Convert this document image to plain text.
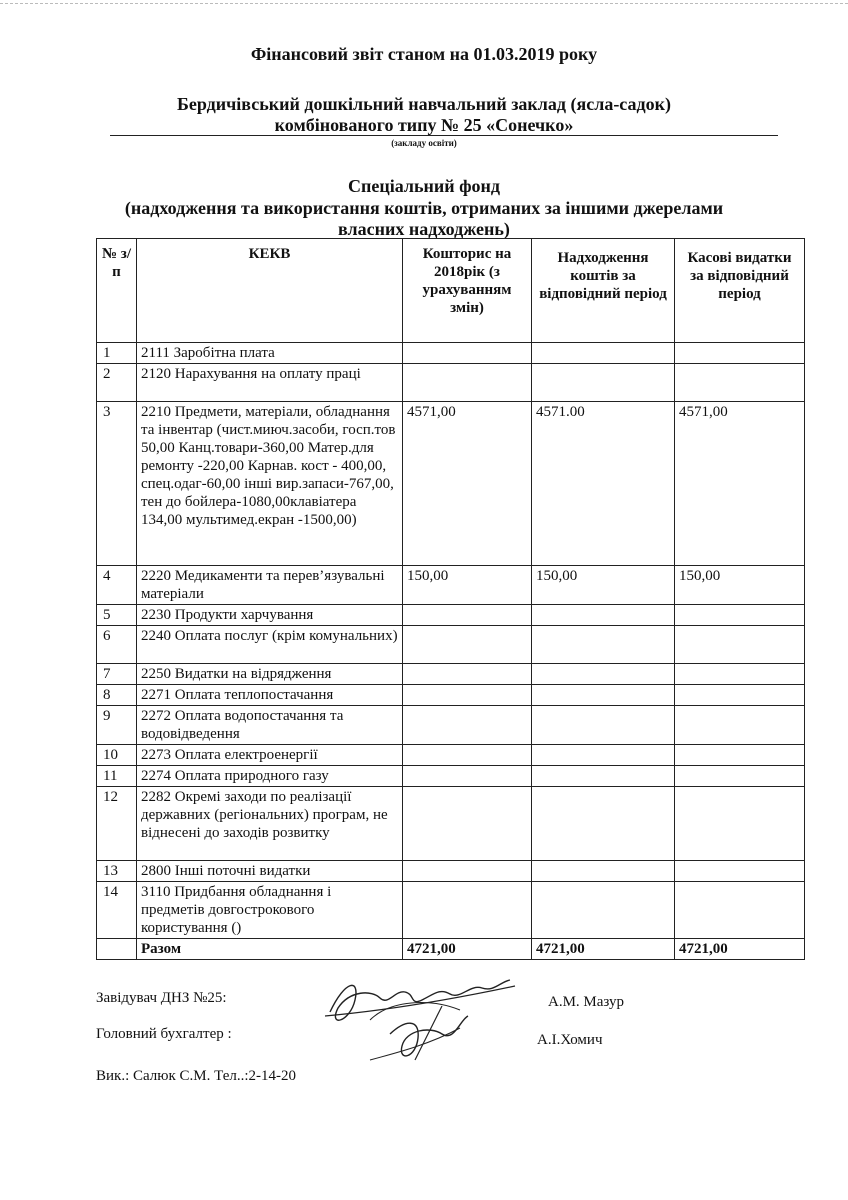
Фінансовий звіт станом на 01.03.2019 року
Бердичівський дошкільний навчальний заклад (ясла-садок)
комбінованого типу № 25 «Сонечко»
(закладу освіти)
Спеціальний фонд
(надходження та використання коштів, отриманих за іншими джерелами
власних надходжень)
№ з/п	КЕКВ	Кошторис на 2018рік (з урахуванням змін)	Надходження коштів за відповідний період	Касові видатки за відповідний період
1	2111 Заробітна плата			
2	2120 Нарахування на оплату праці			
3	2210 Предмети, матеріали, обладнання та інвентар (чист.миюч.засоби, госп.тов 50,00 Канц.товари-360,00 Матер.для ремонту -220,00 Карнав. кост - 400,00, спец.одаг-60,00 інші вир.запаси-767,00, тен до бойлера-1080,00клавіатера 134,00 мультимед.екран -1500,00)	4571,00	4571.00	4571,00
4	2220 Медикаменти та перев’язувальні матеріали	150,00	150,00	150,00
5	2230 Продукти харчування			
6	2240 Оплата послуг (крім комунальних)			
7	2250 Видатки на відрядження			
8	2271 Оплата теплопостачання			
9	2272 Оплата водопостачання та водовідведення			
10	2273 Оплата електроенергії			
11	2274 Оплата природного газу			
12	2282 Окремі заходи по реалізації державних (регіональних) програм, не віднесені до заходів розвитку			
13	2800 Інші поточні видатки			
14	3110 Придбання обладнання і предметів довгострокового користування ()			
	Разом	4721,00	4721,00	4721,00
Завідувач ДНЗ №25:	А.М. Мазур
Головний бухгалтер :	А.І.Хомич
Вик.: Салюк С.М. Тел..:2-14-20
